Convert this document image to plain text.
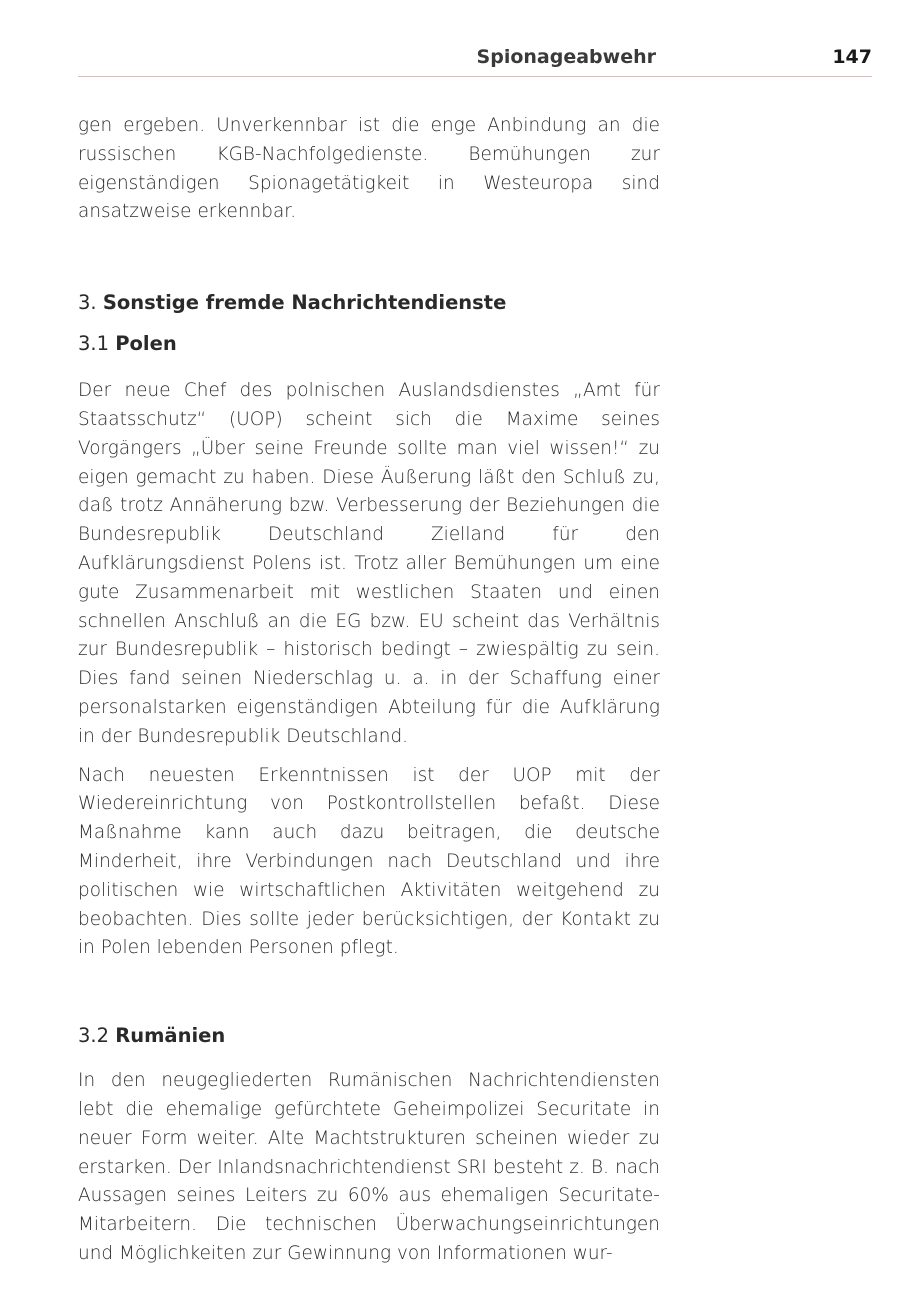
Spionageabwehr	147

gen ergeben. Unverkennbar ist die enge Anbindung an die russischen KGB-Nachfolgedienste. Bemühungen zur eigenständigen Spionagetätigkeit in Westeuropa sind ansatzweise erkennbar.

3. Sonstige fremde Nachrichtendienste
3.1 Polen

Der neue Chef des polnischen Auslandsdienstes „Amt für Staatsschutz“ (UOP) scheint sich die Maxime seines Vorgängers „Über seine Freunde sollte man viel wissen!“ zu eigen gemacht zu haben. Diese Äußerung läßt den Schluß zu, daß trotz Annäherung bzw. Verbesserung der Beziehungen die Bundesrepublik Deutschland Zielland für den Aufklärungsdienst Polens ist. Trotz aller Bemühungen um eine gute Zusammenarbeit mit westlichen Staaten und einen schnellen Anschluß an die EG bzw. EU scheint das Verhältnis zur Bundesrepublik – historisch bedingt – zwiespältig zu sein. Dies fand seinen Niederschlag u. a. in der Schaffung einer personalstarken eigenständigen Abteilung für die Aufklärung in der Bundesrepublik Deutschland.

Nach neuesten Erkenntnissen ist der UOP mit der Wiedereinrichtung von Postkontrollstellen befaßt. Diese Maßnahme kann auch dazu beitragen, die deutsche Minderheit, ihre Verbindungen nach Deutschland und ihre politischen wie wirtschaftlichen Aktivitäten weitgehend zu beobachten. Dies sollte jeder berücksichtigen, der Kontakt zu in Polen lebenden Personen pflegt.

3.2 Rumänien

In den neugegliederten Rumänischen Nachrichtendiensten lebt die ehemalige gefürchtete Geheimpolizei Securitate in neuer Form weiter. Alte Machtstrukturen scheinen wieder zu erstarken. Der Inlandsnachrichtendienst SRI besteht z. B. nach Aussagen seines Leiters zu 60% aus ehemaligen Securitate-Mitarbeitern. Die technischen Überwachungseinrichtungen und Möglichkeiten zur Gewinnung von Informationen wur-
